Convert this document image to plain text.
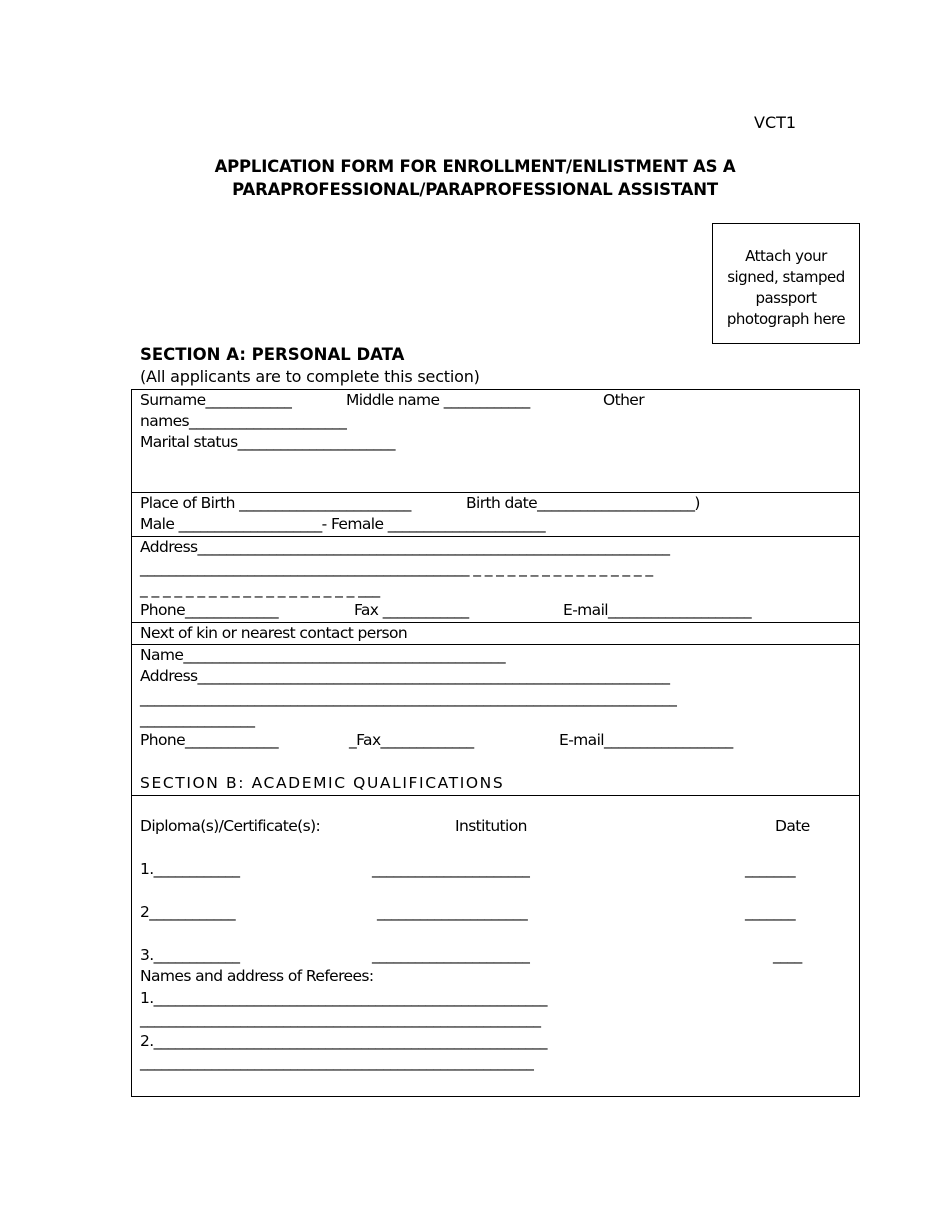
VCT1
APPLICATION FORM FOR ENROLLMENT/ENLISTMENT AS A
PARAPROFESSIONAL/PARAPROFESSIONAL ASSISTANT
Attach your
signed, stamped
passport
photograph here
SECTION A: PERSONAL DATA
(All applicants are to complete this section)
Surname____________	Middle name ____________	Other
names______________________
Marital status______________________
Place of Birth ________________________	Birth date______________________)
Male ____________________- Female ______________________
Address__________________________________________________________________
______________________________________________ _ _ _ _ _ _ _ _ _ _ _ _ _ _ _ _
_ _ _ _ _ _ _ _ _ _ _ _ _ _ _ _ _ _ _ ___
Phone_____________	Fax ____________	E-mail____________________
Next of kin or nearest contact person
Name_____________________________________________
Address__________________________________________________________________
___________________________________________________________________________
________________
Phone_____________	_Fax_____________	E-mail__________________
SECTION B: ACADEMIC QUALIFICATIONS
Diploma(s)/Certificate(s):	Institution	Date
1.____________	______________________	_______
2____________	_____________________	_______
3.____________	______________________	____
Names and address of Referees:
1._______________________________________________________
________________________________________________________
2._______________________________________________________
_______________________________________________________
